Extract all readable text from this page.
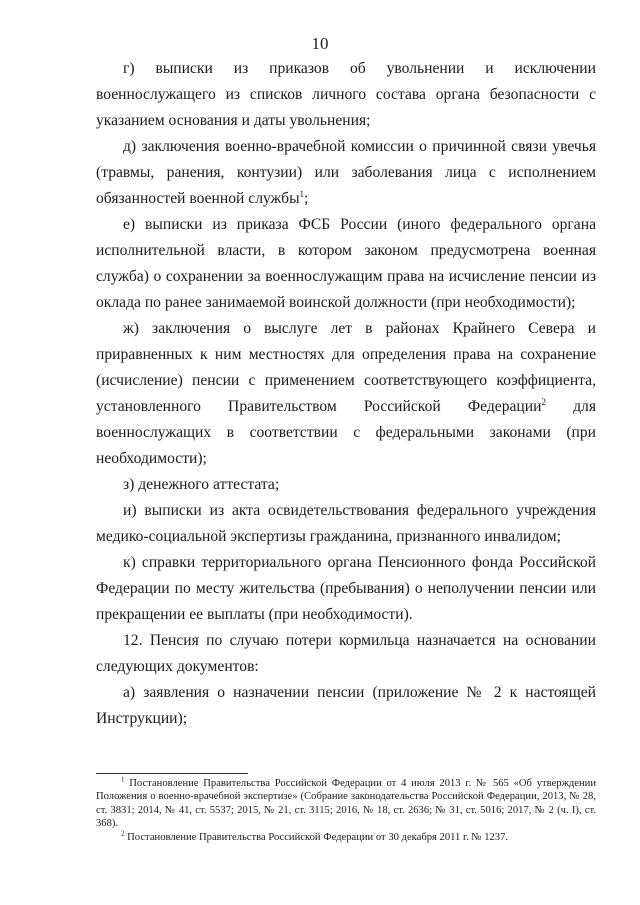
10

г) выписки из приказов об увольнении и исключении военнослужащего из списков личного состава органа безопасности с указанием основания и даты увольнения;

д) заключения военно-врачебной комиссии о причинной связи увечья (травмы, ранения, контузии) или заболевания лица с исполнением обязанностей военной службы$^1$;

е) выписки из приказа ФСБ России (иного федерального органа исполнительной власти, в котором законом предусмотрена военная служба) о сохранении за военнослужащим права на исчисление пенсии из оклада по ранее занимаемой воинской должности (при необходимости);

ж) заключения о выслуге лет в районах Крайнего Севера и приравненных к ним местностях для определения права на сохранение (исчисление) пенсии с применением соответствующего коэффициента, установленного Правительством Российской Федерации$^2$ для военнослужащих в соответствии с федеральными законами (при необходимости);

з) денежного аттестата;

и) выписки из акта освидетельствования федерального учреждения медико-социальной экспертизы гражданина, признанного инвалидом;

к) справки территориального органа Пенсионного фонда Российской Федерации по месту жительства (пребывания) о неполучении пенсии или прекращении ее выплаты (при необходимости).

12. Пенсия по случаю потери кормильца назначается на основании следующих документов:

а) заявления о назначении пенсии (приложение № 2 к настоящей Инструкции);

$^1$ Постановление Правительства Российской Федерации от 4 июля 2013 г. № 565 «Об утверждении Положения о военно-врачебной экспертизе» (Собрание законодательства Российской Федерации, 2013, № 28, ст. 3831; 2014, № 41, ст. 5537; 2015, № 21, ст. 3115; 2016, № 18, ст. 2636; № 31, ст. 5016; 2017, № 2 (ч. I), ст. 368).

$^2$ Постановление Правительства Российской Федерации от 30 декабря 2011 г. № 1237.
